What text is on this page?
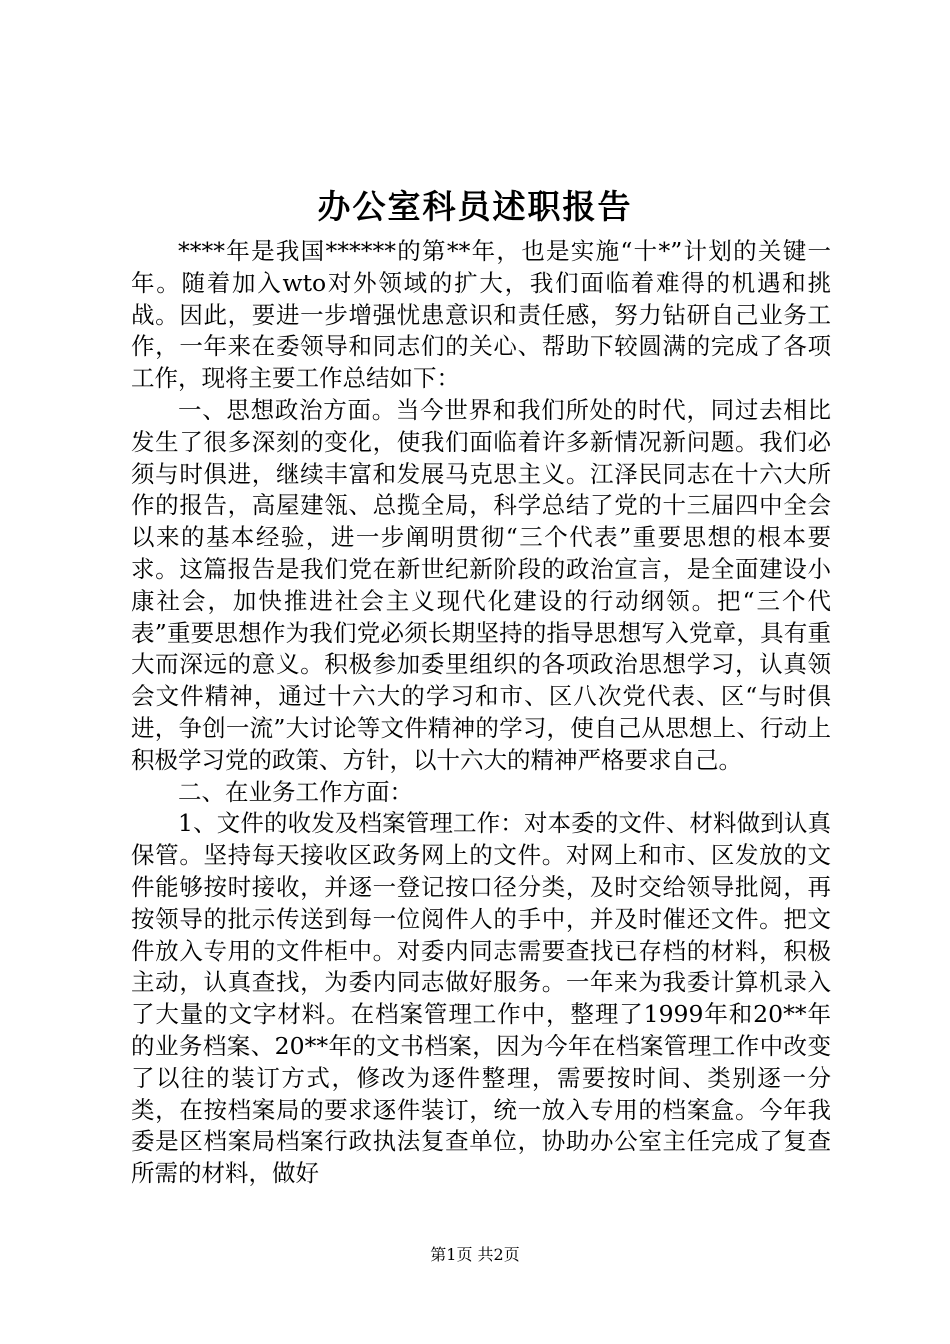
办公室科员述职报告

****年是我国******的第**年，也是实施“十*”计划的关键一年。随着加入wto对外领域的扩大，我们面临着难得的机遇和挑战。因此，要进一步增强忧患意识和责任感，努力钻研自己业务工作，一年来在委领导和同志们的关心、帮助下较圆满的完成了各项工作，现将主要工作总结如下：

一、思想政治方面。当今世界和我们所处的时代，同过去相比发生了很多深刻的变化，使我们面临着许多新情况新问题。我们必须与时俱进，继续丰富和发展马克思主义。江泽民同志在十六大所作的报告，高屋建瓴、总揽全局，科学总结了党的十三届四中全会以来的基本经验，进一步阐明贯彻“三个代表”重要思想的根本要求。这篇报告是我们党在新世纪新阶段的政治宣言，是全面建设小康社会，加快推进社会主义现代化建设的行动纲领。把“三个代表”重要思想作为我们党必须长期坚持的指导思想写入党章，具有重大而深远的意义。积极参加委里组织的各项政治思想学习，认真领会文件精神，通过十六大的学习和市、区八次党代表、区“与时俱进，争创一流”大讨论等文件精神的学习，使自己从思想上、行动上积极学习党的政策、方针，以十六大的精神严格要求自己。

二、在业务工作方面：

1、文件的收发及档案管理工作：对本委的文件、材料做到认真保管。坚持每天接收区政务网上的文件。对网上和市、区发放的文件能够按时接收，并逐一登记按口径分类，及时交给领导批阅，再按领导的批示传送到每一位阅件人的手中，并及时催还文件。把文件放入专用的文件柜中。对委内同志需要查找已存档的材料，积极主动，认真查找，为委内同志做好服务。一年来为我委计算机录入了大量的文字材料。在档案管理工作中，整理了1999年和20**年的业务档案、20**年的文书档案，因为今年在档案管理工作中改变了以往的装订方式，修改为逐件整理，需要按时间、类别逐一分类，在按档案局的要求逐件装订，统一放入专用的档案盒。今年我委是区档案局档案行政执法复查单位，协助办公室主任完成了复查所需的材料，做好

第1页 共2页
